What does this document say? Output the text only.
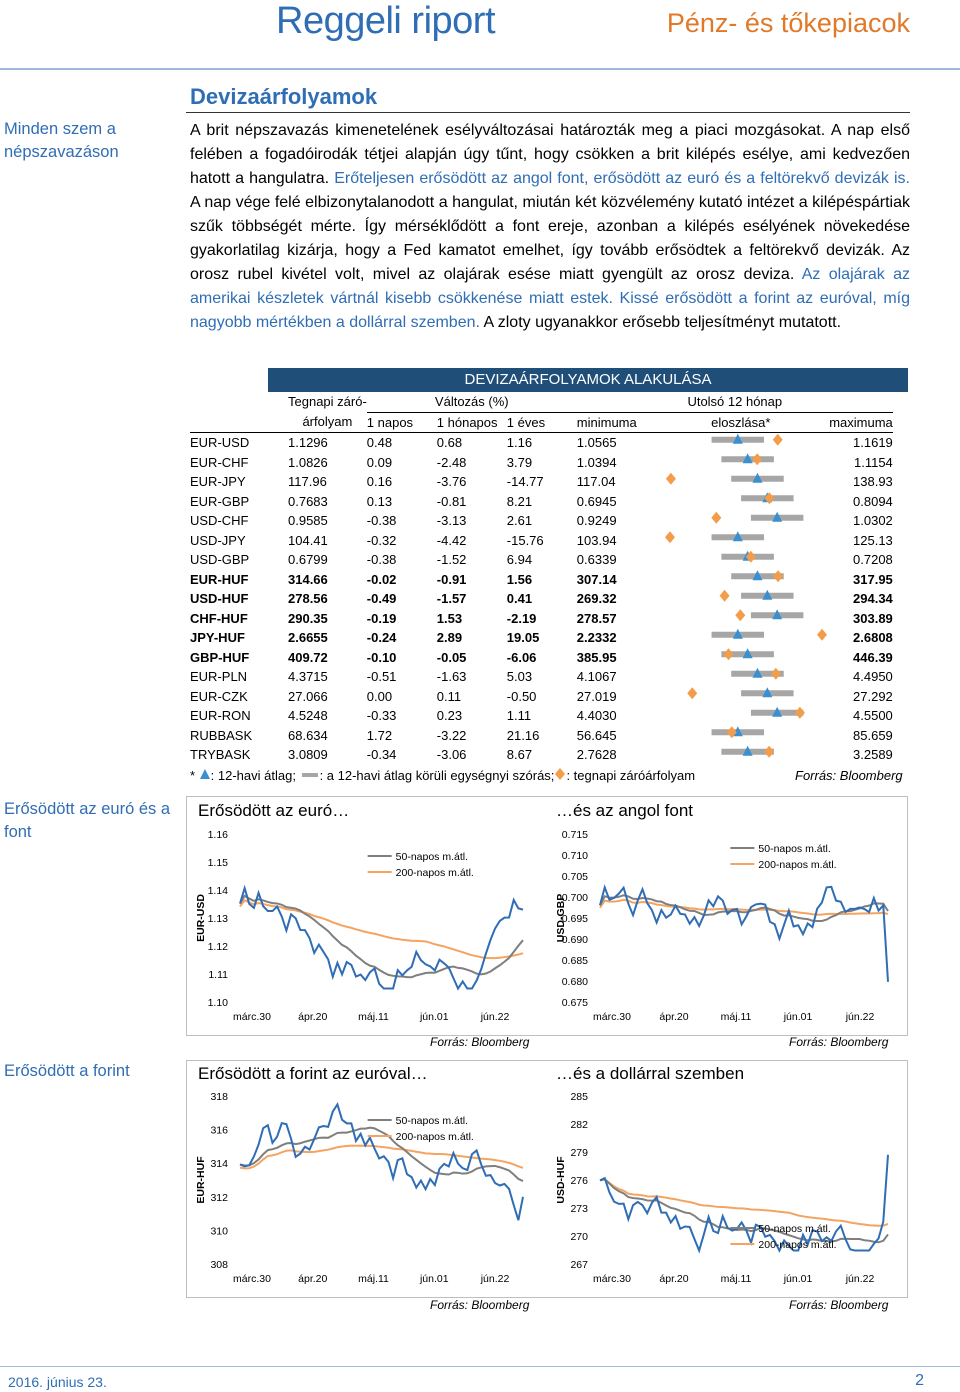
Reggeli riport	Pénz- és tőkepiacok
Minden szem a népszavazáson
Erősödött az euró és a font
Erősödött a forint
Devizaárfolyamok
A brit népszavazás kimenetelének esélyváltozásai határozták meg a piaci mozgásokat. A nap első felében a fogadóirodák tétjei alapján úgy tűnt, hogy csökken a brit kilépés esélye, ami kedvezően hatott a hangulatra. Erőteljesen erősödött az angol font, erősödött az euró és a feltörekvő devizák is. A nap vége felé elbizonytalanodott a hangulat, miután két közvélemény kutató intézet a kilépéspártiak szűk többségét mérte. Így mérséklődött a font ereje, azonban a kilépés esélyének növekedése gyakorlatilag kizárja, hogy a Fed kamatot emelhet, így tovább erősödtek a feltörekvő devizák. Az orosz rubel kivétel volt, mivel az olajárak esése miatt gyengült az orosz deviza. Az olajárak az amerikai készletek vártnál kisebb csökkenése miatt estek. Kissé erősödött a forint az euróval, míg nagyobb mértékben a dollárral szemben. A zloty ugyanakkor erősebb teljesítményt mutatott.
DEVIZAÁRFOLYAMOK ALAKULÁSA
	Tegnapi záró-	Változás (%)			Utolsó 12 hónap		
	árfolyam	1 napos	1 hónapos	1 éves	minimuma	eloszlása*	maximuma
EUR-USD	1.1296	0.48	0.68	1.16	1.0565		1.1619
EUR-CHF	1.0826	0.09	-2.48	3.79	1.0394		1.1154
EUR-JPY	117.96	0.16	-3.76	-14.77	117.04		138.93
EUR-GBP	0.7683	0.13	-0.81	8.21	0.6945		0.8094
USD-CHF	0.9585	-0.38	-3.13	2.61	0.9249		1.0302
USD-JPY	104.41	-0.32	-4.42	-15.76	103.94		125.13
USD-GBP	0.6799	-0.38	-1.52	6.94	0.6339		0.7208
EUR-HUF	314.66	-0.02	-0.91	1.56	307.14		317.95
USD-HUF	278.56	-0.49	-1.57	0.41	269.32		294.34
CHF-HUF	290.35	-0.19	1.53	-2.19	278.57		303.89
JPY-HUF	2.6655	-0.24	2.89	19.05	2.2332		2.6808
GBP-HUF	409.72	-0.10	-0.05	-6.06	385.95		446.39
EUR-PLN	4.3715	-0.51	-1.63	5.03	4.1067		4.4950
EUR-CZK	27.066	0.00	0.11	-0.50	27.019		27.292
EUR-RON	4.5248	-0.33	0.23	1.11	4.4030		4.5500
RUBBASK	68.634	1.72	-3.22	21.16	56.645		85.659
TRYBASK	3.0809	-0.34	-3.06	8.67	2.7628		3.2589
* : 12-havi átlag; : a 12-havi átlag körüli egységnyi szórás; : tegnapi záróárfolyam	Forrás: Bloomberg
Erősödött az euró…	…és az angol font
Erősödött a forint az euróval…	…és a dollárral szemben
1.16
1.15
1.14
1.13
1.12
1.11
1.10
EUR-USD
márc.30	ápr.20	máj.11	jún.01	jún.22
50-napos m.átl.
200-napos m.átl.
0.715
0.710
0.705
0.700
0.695
0.690
0.685
0.680
0.675
USD-GBP
márc.30	ápr.20	máj.11	jún.01	jún.22
50-napos m.átl.
200-napos m.átl.
318
316
314
312
310
308
EUR-HUF
márc.30	ápr.20	máj.11	jún.01	jún.22
50-napos m.átl.
200-napos m.átl.
285
282
279
276
273
270
267
USD-HUF
márc.30	ápr.20	máj.11	jún.01	jún.22
50-napos m.átl.
200-napos m.átl.
Forrás: Bloomberg	Forrás: Bloomberg
Forrás: Bloomberg	Forrás: Bloomberg
2016. június 23.	2
